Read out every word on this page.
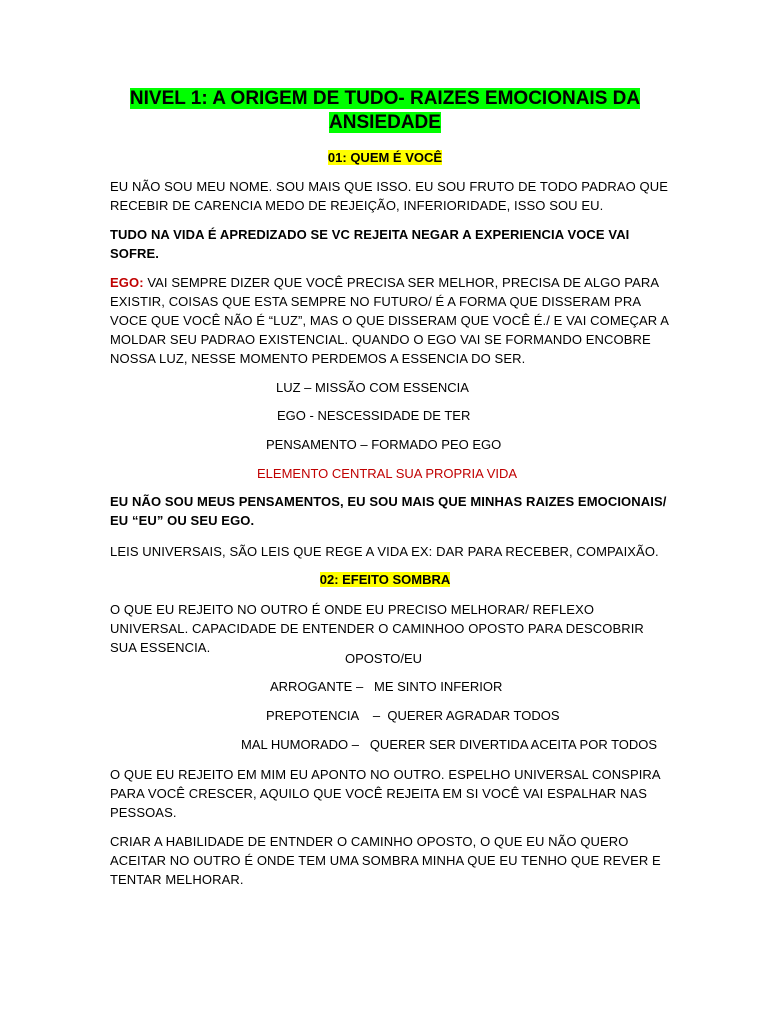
NIVEL 1: A ORIGEM DE TUDO- RAIZES EMOCIONAIS DA
ANSIEDADE
01: QUEM É VOCÊ
EU NÃO SOU MEU NOME. SOU MAIS QUE ISSO. EU SOU FRUTO DE TODO PADRAO QUE RECEBIR DE CARENCIA MEDO DE REJEIÇÃO, INFERIORIDADE, ISSO SOU EU.
TUDO NA VIDA É APREDIZADO SE VC REJEITA NEGAR A EXPERIENCIA VOCE VAI SOFRE.
EGO: VAI SEMPRE DIZER QUE VOCÊ PRECISA SER MELHOR, PRECISA DE ALGO PARA EXISTIR, COISAS QUE ESTA SEMPRE NO FUTURO/ É A FORMA QUE DISSERAM PRA VOCE QUE VOCÊ NÃO É “LUZ”, MAS O QUE DISSERAM QUE VOCÊ É./ E VAI COMEÇAR A MOLDAR SEU PADRAO EXISTENCIAL. QUANDO O EGO VAI SE FORMANDO ENCOBRE NOSSA LUZ, NESSE MOMENTO PERDEMOS A ESSENCIA DO SER.
LUZ – MISSÃO COM ESSENCIA
EGO - NESCESSIDADE DE TER
PENSAMENTO – FORMADO PEO EGO
ELEMENTO CENTRAL SUA PROPRIA VIDA
EU NÃO SOU MEUS PENSAMENTOS, EU SOU MAIS QUE MINHAS RAIZES EMOCIONAIS/ EU “EU” OU SEU EGO.
LEIS UNIVERSAIS, SÃO LEIS QUE REGE A VIDA EX: DAR PARA RECEBER, COMPAIXÃO.
02: EFEITO SOMBRA
O QUE EU REJEITO NO OUTRO É ONDE EU PRECISO MELHORAR/ REFLEXO UNIVERSAL. CAPACIDADE DE ENTENDER O CAMINHOO OPOSTO PARA DESCOBRIR SUA ESSENCIA.
OPOSTO/EU
ARROGANTE –   ME SINTO INFERIOR
PREPOTENCIA    –  QUERER AGRADAR TODOS
MAL HUMORADO –   QUERER SER DIVERTIDA ACEITA POR TODOS
O QUE EU REJEITO EM MIM EU APONTO NO OUTRO. ESPELHO UNIVERSAL CONSPIRA PARA VOCÊ CRESCER, AQUILO QUE VOCÊ REJEITA EM SI VOCÊ VAI ESPALHAR NAS PESSOAS.
CRIAR A HABILIDADE DE ENTNDER O CAMINHO OPOSTO, O QUE EU NÃO QUERO ACEITAR NO OUTRO É ONDE TEM UMA SOMBRA MINHA QUE EU TENHO QUE REVER E TENTAR MELHORAR.
